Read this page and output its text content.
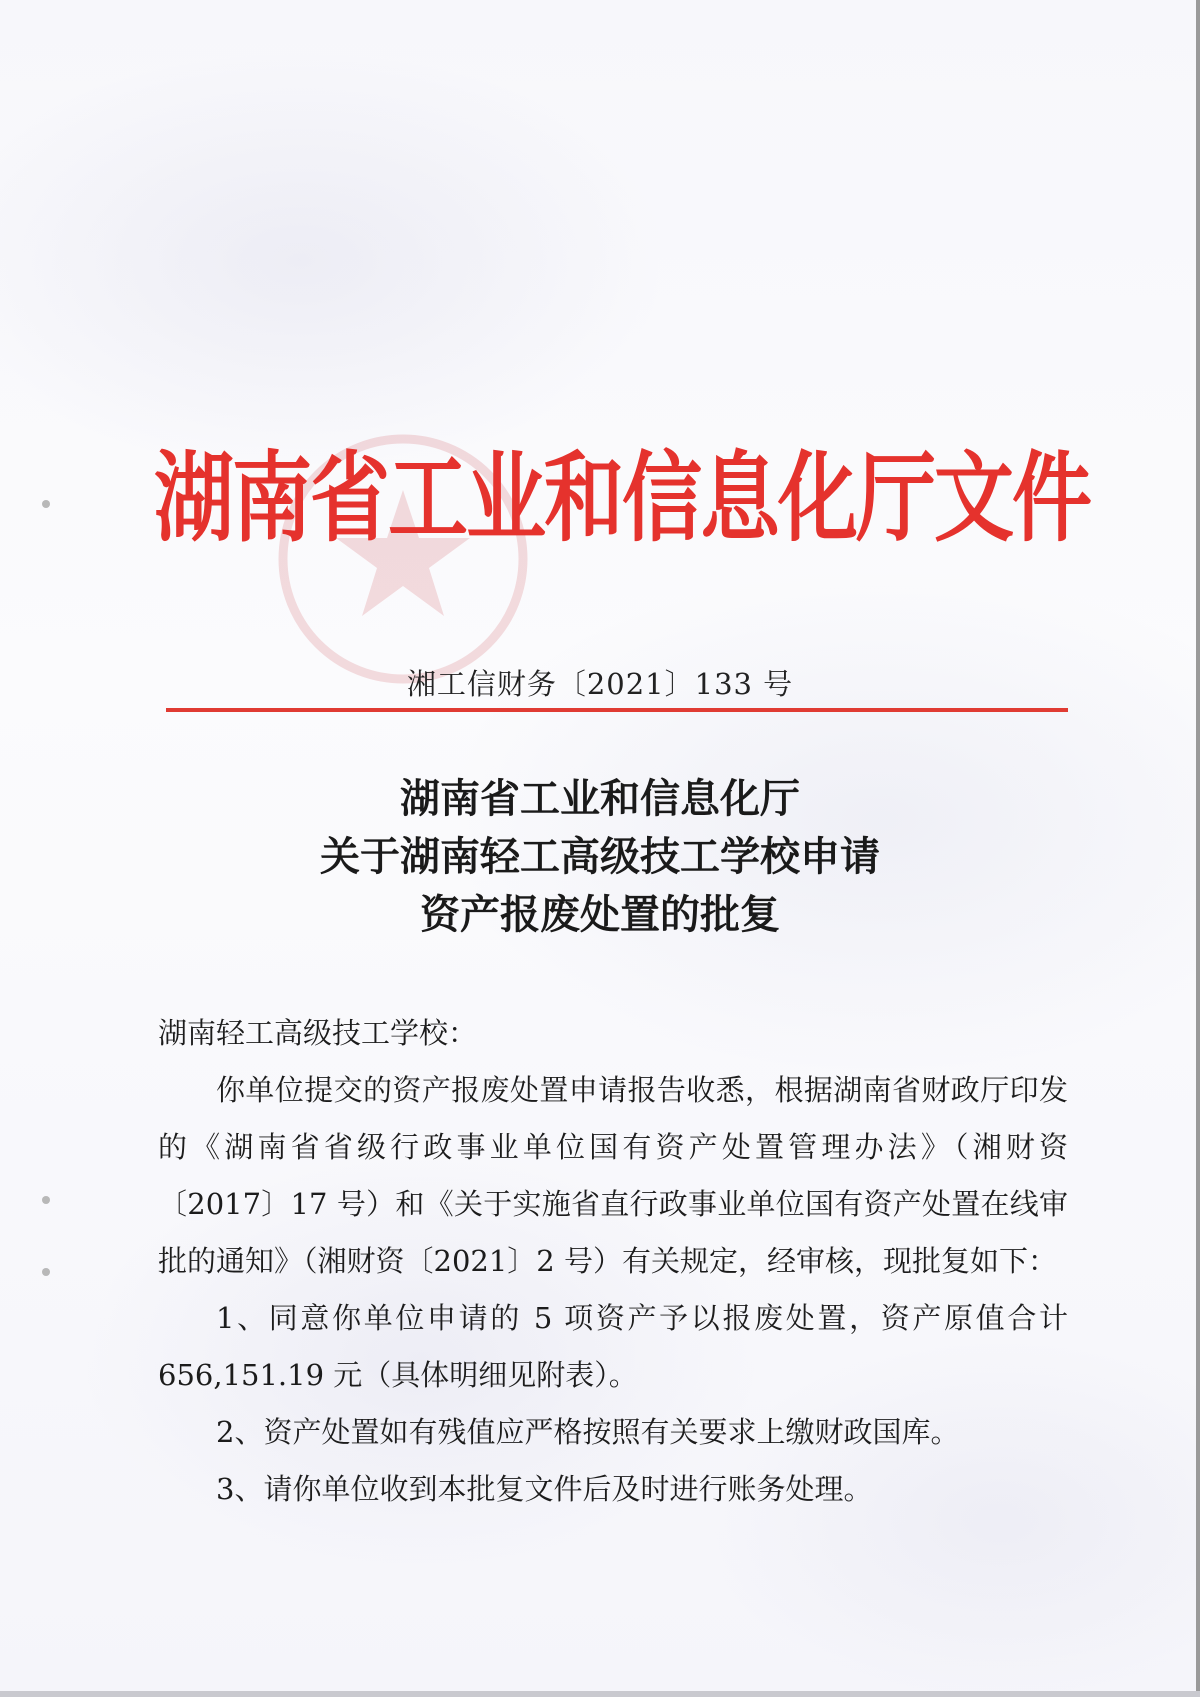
湖南省工业和信息化厅文件
湘工信财务〔2021〕133 号
湖南省工业和信息化厅
关于湖南轻工高级技工学校申请
资产报废处置的批复

湖南轻工高级技工学校：

你单位提交的资产报废处置申请报告收悉，根据湖南省财政厅印发的《湖南省省级行政事业单位国有资产处置管理办法》（湘财资〔2017〕17 号）和《关于实施省直行政事业单位国有资产处置在线审批的通知》（湘财资〔2021〕2 号）有关规定，经审核，现批复如下：

1、同意你单位申请的 5 项资产予以报废处置，资产原值合计 656,151.19 元（具体明细见附表）。

2、资产处置如有残值应严格按照有关要求上缴财政国库。

3、请你单位收到本批复文件后及时进行账务处理。
